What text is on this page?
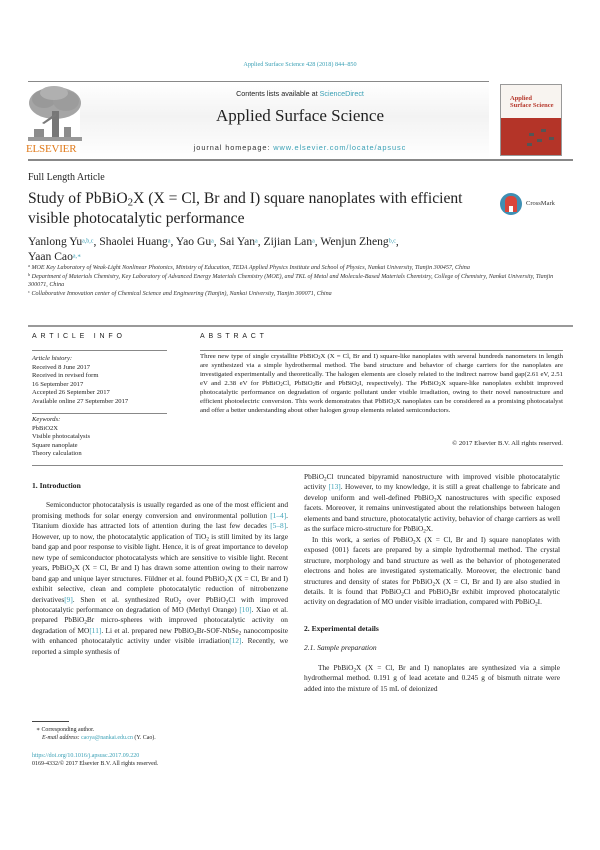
Applied Surface Science 428 (2018) 844–850
ELSEVIER
Contents lists available at ScienceDirect
Applied Surface Science
journal homepage: www.elsevier.com/locate/apsusc
Applied
Surface Science
Full Length Article
Study of PbBiO$_2$X (X = Cl, Br and I) square nanoplates with efficient visible photocatalytic performance
CrossMark
Yanlong Yu$^{a,b,c}$, Shaolei Huang$^a$, Yao Gu$^a$, Sai Yan$^a$, Zijian Lan$^a$, Wenjun Zheng$^{b,c}$,
Yaan Cao$^{a,∗}$
$^a$ MOE Key Laboratory of Weak-Light Nonlinear Photonics, Ministry of Education, TEDA Applied Physics Institute and School of Physics, Nankai University, Tianjin 300457, China
$^b$ Department of Materials Chemistry, Key Laboratory of Advanced Energy Materials Chemistry (MOE), and TKL of Metal and Molecule-Based Materials Chemistry, College of Chemistry, Nankai University, Tianjin 300071, China
$^c$ Collaborative Innovation center of Chemical Science and Engineering (Tianjin), Nankai University, Tianjin 300071, China
ARTICLE INFO
Article history:
Received 8 June 2017
Received in revised form
16 September 2017
Accepted 26 September 2017
Available online 27 September 2017
Keywords:
PbBiO2X
Visible photocatalysis
Square nanoplate
Theory calculation
ABSTRACT
Three new type of single crystallite PbBiO$_2$X (X = Cl, Br and I) square-like nanoplates with several hundreds nanometers in length are synthesized via a simple hydrothermal method. The band structure and behavior of charge carriers for the nanoplates are investigated experimentally and theoretically. The halogen elements are closely related to the indirect narrow band gap(2.61 eV, 2.51 eV and 2.38 eV for PbBiO$_2$Cl, PbBiO$_2$Br and PbBiO$_2$I, respectively). The PbBiO$_2$X square-like nanoplates exhibit improved photocatalytic performance on degradation of organic pollutant under visible irradiation, owing to their novel nanostructure and efficient photoelectric conversion. This work demonstrates that PbBiO$_2$X nanoplates can be considered as a promising photocatalyst and offer a better understanding about other halogen group elements related semiconductors.
© 2017 Elsevier B.V. All rights reserved.

1. Introduction

Semiconductor photocatalysis is usually regarded as one of the most efficient and promising methods for solar energy conversion and environmental pollution [1–4]. Titanium dioxide has attracted lots of attention during the last few decades [5–8]. However, up to now, the photocatalytic application of TiO$_2$ is still limited by its large band gap and poor response to visible light. Hence, it is of great importance to develop new type of semiconductor photocatalysts which are sensitive to visible light. Recent years, PbBiO$_2$X (X = Cl, Br and I) has drawn some attention owing to their narrow band gap and unique layer structures. Füldner et al. found PbBiO$_2$X (X = Cl, Br and I) exhibit selective, clean and complete photocatalytic reduction of nitrobenzene derivatives[9]. Shen et al. synthesized RuO$_2$ over PbBiO$_2$Cl with improved photocatalytic performance on degradation of MO (Methyl Orange) [10]. Xiao et al. prepared PbBiO$_2$Br micro-spheres with improved photocatalytic activity on degradation of MO[11]. Li et al. prepared new PbBiO$_2$Br-SOF-NbSe$_2$ nanocomposite with enhanced photocatalytic activity under visible irradiation[12]. Recently, we reported a simple synthesis of

∗ Corresponding author.
E-mail address: caoya@nankai.edu.cn (Y. Cao).
https://doi.org/10.1016/j.apsusc.2017.09.220
0169-4332/© 2017 Elsevier B.V. All rights reserved.

PbBiO$_2$Cl truncated bipyramid nanostructure with improved visible photocatalytic activity [13]. However, to my knowledge, it is still a great challenge to fabricate and develop uniform and well-defined PbBiO$_2$X nanostructures with specific exposed facets. Moreover, it remains uninvestigated about the relationships between halogen elements and band structure, photocatalytic activity, behavior of charge carriers as well as the surface micro-structure for PbBiO$_2$X.

In this work, a series of PbBiO$_2$X (X = Cl, Br and I) square nanoplates with exposed {001} facets are prepared by a simple hydrothermal method. The crystal structure, morphology and band structure as well as the behavior of photogenerated electrons and holes are investigated systematically. Moreover, the electronic band structures and density of states for PbBiO$_2$X (X = Cl, Br and I) are also studied in details. It is found that PbBiO$_2$Cl and PbBiO$_2$Br exhibit improved photocatalytic activity on degradation of MO under visible irradiation, compared with PbBiO$_2$I.

2. Experimental details

2.1. Sample preparation

The PbBiO$_2$X (X = Cl, Br and I) nanoplates are synthesized via a simple hydrothermal method. 0.191 g of lead acetate and 0.245 g of bismuth nitrate were added into the mixture of 15 mL of deionized
